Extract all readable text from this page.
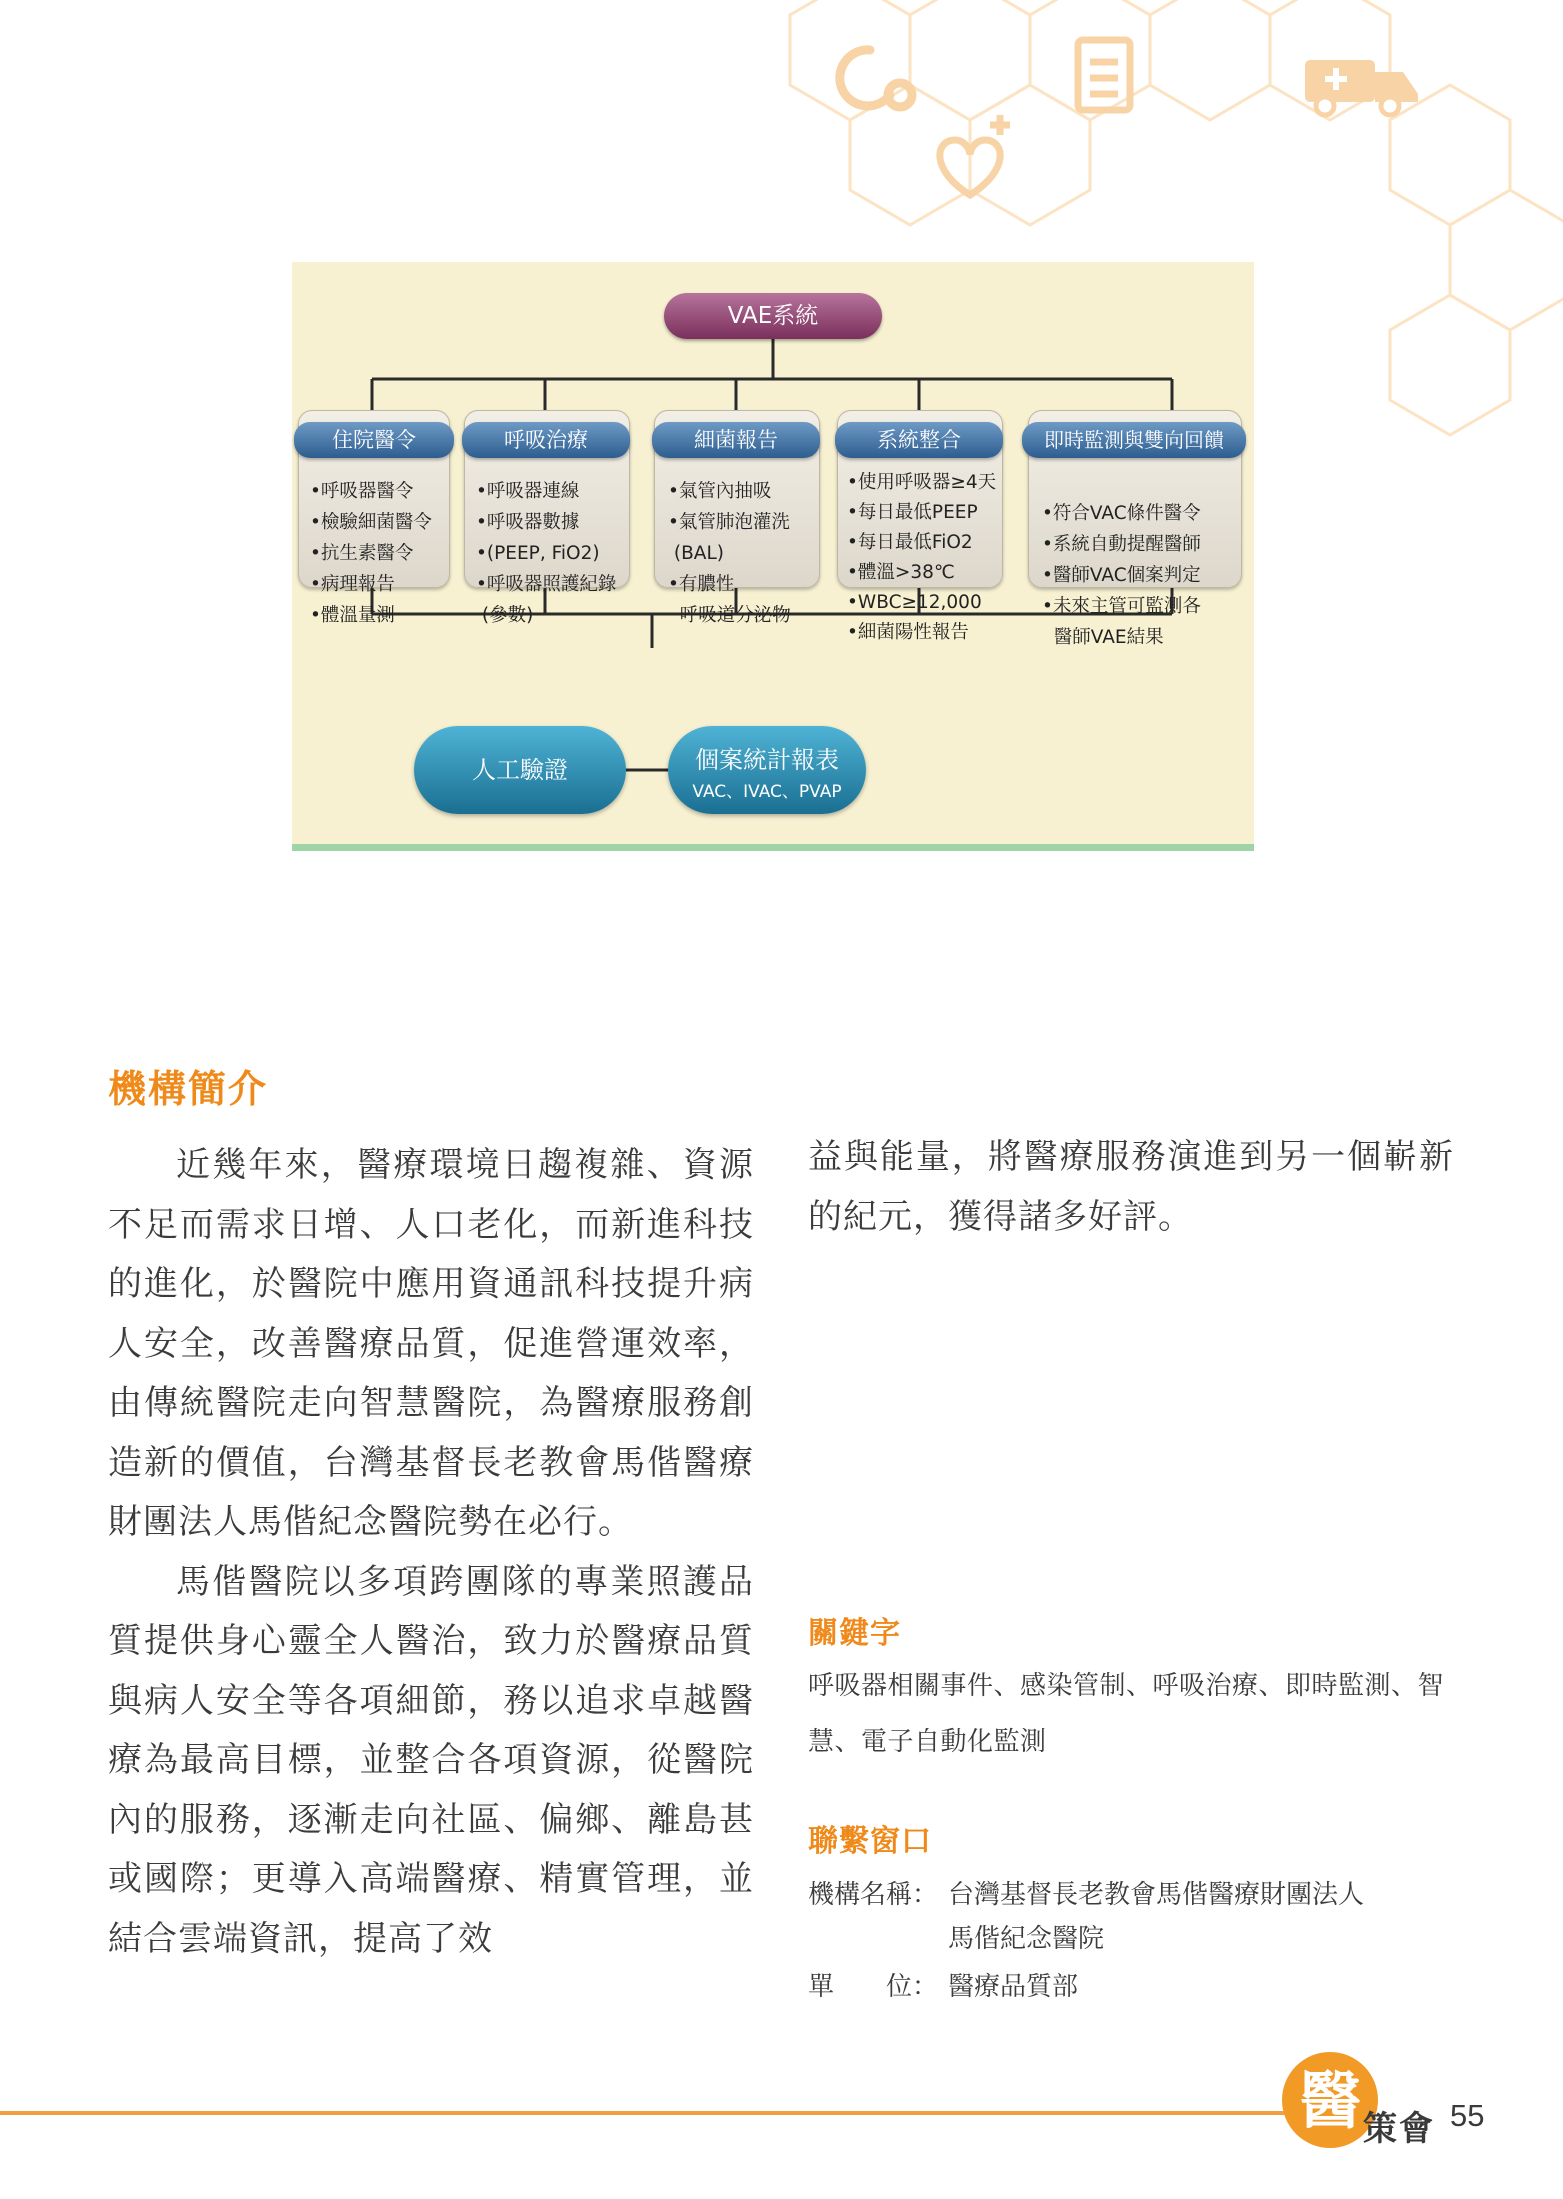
VAE系統
住院醫令
•呼吸器醫令
•檢驗細菌醫令
•抗生素醫令
•病理報告
•體溫量測
呼吸治療
•呼吸器連線
•呼吸器數據
•(PEEP, FiO2)
•呼吸器照護紀錄
(參數)
細菌報告
•氣管內抽吸
•氣管肺泡灌洗
(BAL)
•有膿性
呼吸道分泌物
系統整合
•使用呼吸器≥4天
•每日最低PEEP
•每日最低FiO2
•體溫>38℃
•WBC≥12,000
•細菌陽性報告
即時監測與雙向回饋
•符合VAC條件醫令
•系統自動提醒醫師
•醫師VAC個案判定
•未來主管可監測各
醫師VAE結果
人工驗證	個案統計報表
VAC、IVAC、PVAP
機構簡介

近幾年來，醫療環境日趨複雜、資源不足而需求日增、人口老化，而新進科技的進化，於醫院中應用資通訊科技提升病人安全，改善醫療品質，促進營運效率，由傳統醫院走向智慧醫院，為醫療服務創造新的價值，台灣基督長老教會馬偕醫療財團法人馬偕紀念醫院勢在必行。

馬偕醫院以多項跨團隊的專業照護品質提供身心靈全人醫治，致力於醫療品質與病人安全等各項細節，務以追求卓越醫療為最高目標，並整合各項資源，從醫院內的服務，逐漸走向社區、偏鄉、離島甚或國際；更導入高端醫療、精實管理，並結合雲端資訊，提高了效

益與能量，將醫療服務演進到另一個嶄新的紀元，獲得諸多好評。

關鍵字
呼吸器相關事件、感染管制、呼吸治療、即時監測、智慧、電子自動化監測
聯繫窗口
機構名稱： 台灣基督長老教會馬偕醫療財團法人
馬偕紀念醫院
單　　位： 醫療品質部
醫 策 會 55
